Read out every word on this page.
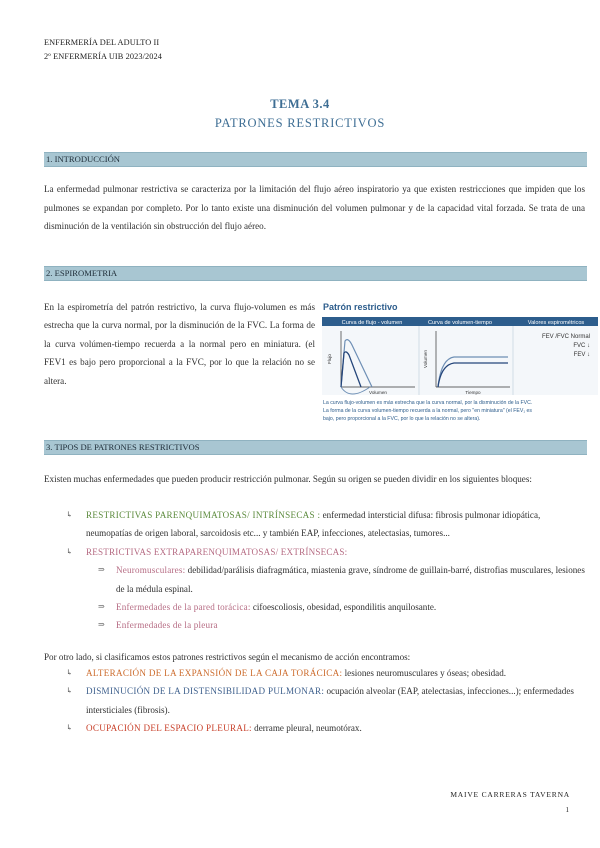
ENFERMERÍA DEL ADULTO II
2º ENFERMERÍA UIB 2023/2024
TEMA 3.4
PATRONES RESTRICTIVOS
1. INTRODUCCIÓN
La enfermedad pulmonar restrictiva se caracteriza por la limitación del flujo aéreo inspiratorio ya que existen restricciones que impiden que los pulmones se expandan por completo. Por lo tanto existe una disminución del volumen pulmonar y de la capacidad vital forzada. Se trata de una disminución de la ventilación sin obstrucción del flujo aéreo.
2. ESPIROMETRIA
En la espirometría del patrón restrictivo, la curva flujo-volumen es más estrecha que la curva normal, por la disminución de la FVC. La forma de la curva volúmen-tiempo recuerda a la normal pero en miniatura. (el FEV1 es bajo pero proporcional a la FVC, por lo que la relación no se altera.
Patrón restrictivo
Curva de flujo - volumen	Curva de volumen-tiempo	Valores espirométricos
Flujo
Volumen
Volumen
Tiempo
FEV /FVC Normal
FVC ↓
FEV ↓
La curva flujo-volumen es más estrecha que la curva normal, por la disminución de la FVC.
La forma de la curva volumen-tiempo recuerda a la normal, pero "en miniatura" (el FEV₁ es
bajo, pero proporcional a la FVC, por lo que la relación no se altera).
3. TIPOS DE PATRONES RESTRICTIVOS
Existen muchas enfermedades que pueden producir restricción pulmonar. Según su origen se pueden dividir en los siguientes bloques:
↳ RESTRICTIVAS PARENQUIMATOSAS/ INTRÍNSECAS : enfermedad intersticial difusa: fibrosis pulmonar idiopática, neumopatías de origen laboral, sarcoidosis etc... y también EAP, infecciones, atelectasias, tumores...
↳ RESTRICTIVAS EXTRAPARENQUIMATOSAS/ EXTRÍNSECAS:
⇒ Neuromusculares: debilidad/parálisis diafragmática, miastenia grave, síndrome de guillain-barré, distrofias musculares, lesiones de la médula espinal.
⇒ Enfermedades de la pared torácica: cifoescoliosis, obesidad, espondilitis anquilosante.
⇒ Enfermedades de la pleura
Por otro lado, si clasificamos estos patrones restrictivos según el mecanismo de acción encontramos:
↳ ALTERACIÓN DE LA EXPANSIÓN DE LA CAJA TORÁCICA: lesiones neuromusculares y óseas; obesidad.
↳ DISMINUCIÓN DE LA DISTENSIBILIDAD PULMONAR: ocupación alveolar (EAP, atelectasias, infecciones...); enfermedades intersticiales (fibrosis).
↳ OCUPACIÓN DEL ESPACIO PLEURAL: derrame pleural, neumotórax.
MAIVE CARRERAS TAVERNA
1
